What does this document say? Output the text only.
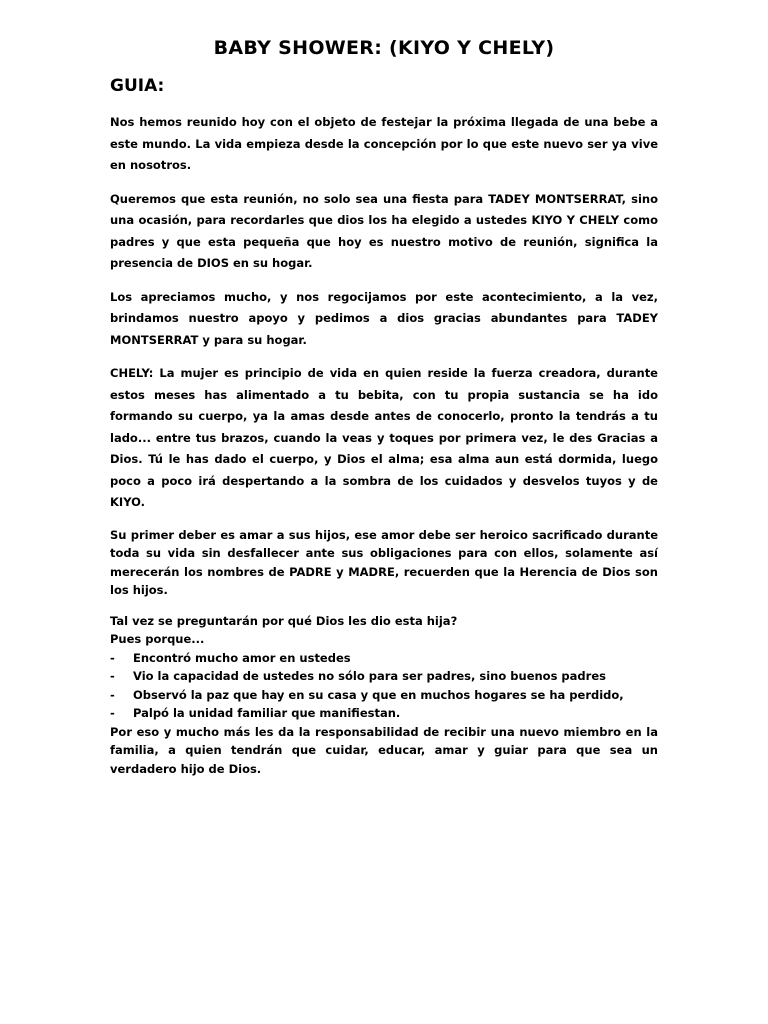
BABY SHOWER: (KIYO Y CHELY)
GUIA:

Nos hemos reunido hoy con el objeto de festejar la próxima llegada de una bebe a este mundo. La vida empieza desde la concepción por lo que este nuevo ser ya vive en nosotros.

Queremos que esta reunión, no solo sea una fiesta para TADEY MONTSERRAT, sino una ocasión, para recordarles que dios los ha elegido a ustedes KIYO Y CHELY como padres y que esta pequeña que hoy es nuestro motivo de reunión, significa la presencia de DIOS en su hogar.

Los apreciamos mucho, y nos regocijamos por este acontecimiento, a la vez, brindamos nuestro apoyo y pedimos a dios gracias abundantes para TADEY MONTSERRAT y para su hogar.

CHELY: La mujer es principio de vida en quien reside la fuerza creadora, durante estos meses has alimentado a tu bebita, con tu propia sustancia se ha ido formando su cuerpo, ya la amas desde antes de conocerlo, pronto la tendrás a tu lado... entre tus brazos, cuando la veas y toques por primera vez, le des Gracias a Dios. Tú le has dado el cuerpo, y Dios el alma; esa alma aun está dormida, luego poco a poco irá despertando a la sombra de los cuidados y desvelos tuyos y de KIYO.

Su primer deber es amar a sus hijos, ese amor debe ser heroico sacrificado durante toda su vida sin desfallecer ante sus obligaciones para con ellos, solamente así merecerán los nombres de PADRE y MADRE, recuerden que la Herencia de Dios son los hijos.

Tal vez se preguntarán por qué Dios les dio esta hija?
Pues porque...
-	Encontró mucho amor en ustedes
-	Vio la capacidad de ustedes no sólo para ser padres, sino buenos padres
- Observó la paz que hay en su casa y que en muchos hogares se ha perdido,
-	Palpó la unidad familiar que manifiestan.
Por eso y mucho más les da la responsabilidad de recibir una nuevo miembro en la familia, a quien tendrán que cuidar, educar, amar y guiar para que sea un verdadero hijo de Dios.
